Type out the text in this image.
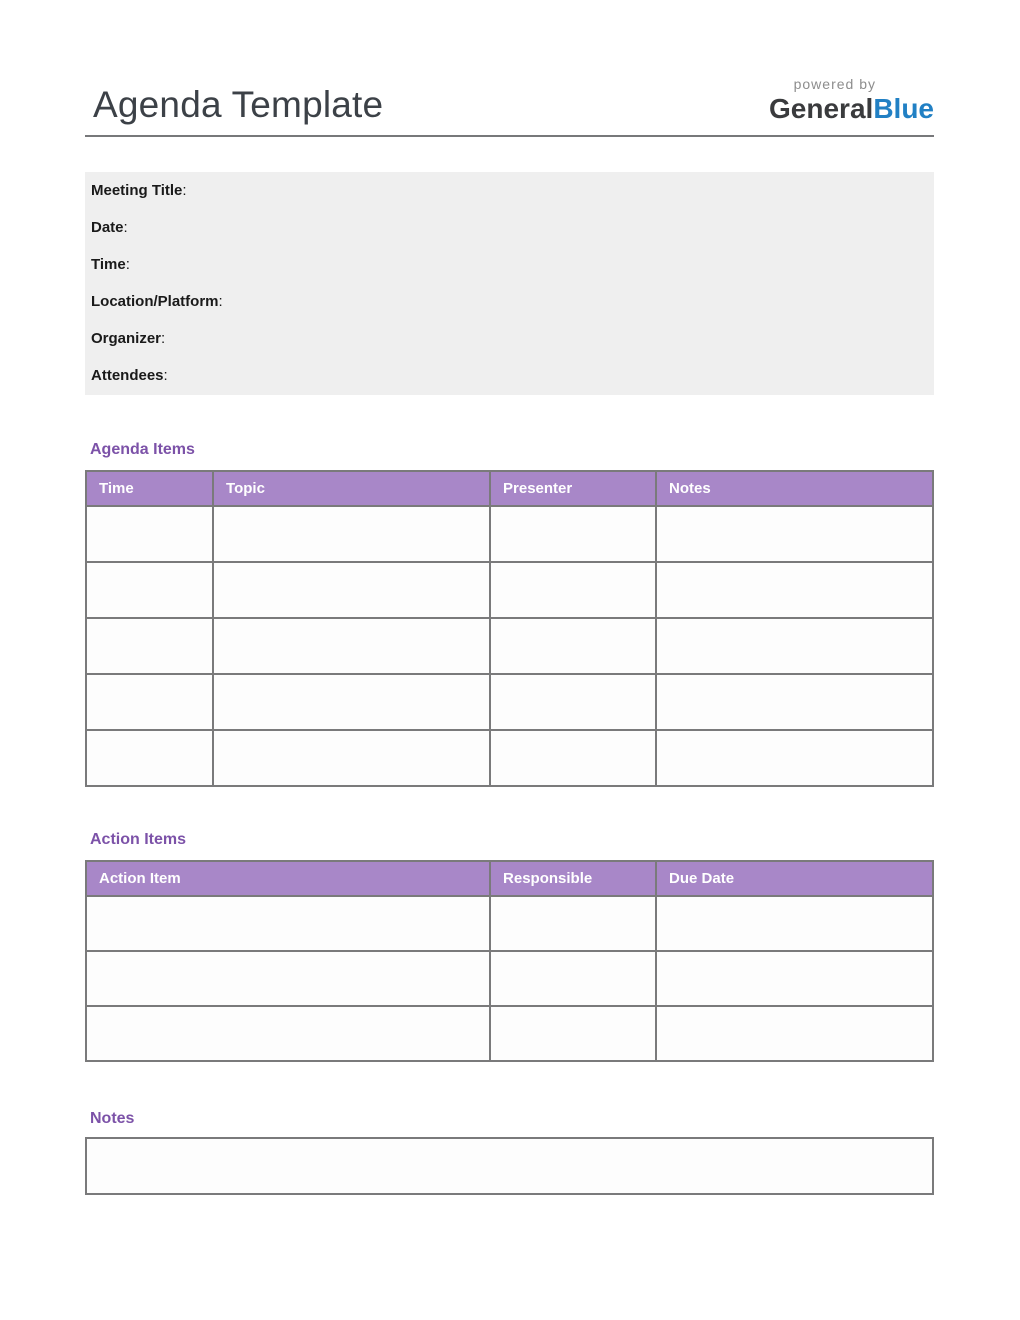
Agenda Template	powered by
GeneralBlue
Meeting Title:
Date:
Time:
Location/Platform:
Organizer:
Attendees:
Agenda Items
Time	Topic	Presenter	Notes

Action Items
Action Item	Responsible	Due Date

Notes
